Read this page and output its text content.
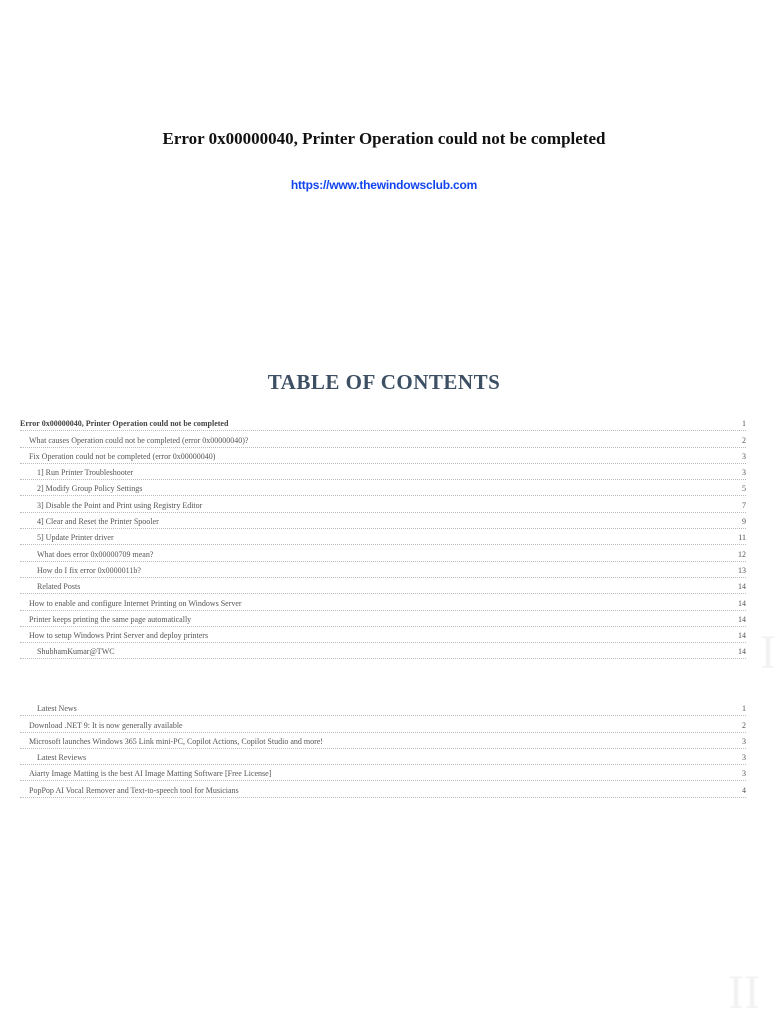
Error 0x00000040, Printer Operation could not be completed
https://www.thewindowsclub.com
TABLE OF CONTENTS
Error 0x00000040, Printer Operation could not be completed	1
What causes Operation could not be completed (error 0x00000040)?	2
Fix Operation could not be completed (error 0x00000040)	3
1] Run Printer Troubleshooter	3
2] Modify Group Policy Settings	5
3] Disable the Point and Print using Registry Editor	7
4] Clear and Reset the Printer Spooler	9
5] Update Printer driver	11
What does error 0x00000709 mean?	12
How do I fix error 0x0000011b?	13
Related Posts	14
How to enable and configure Internet Printing on Windows Server	14
Printer keeps printing the same page automatically	14
How to setup Windows Print Server and deploy printers	14
ShubhamKumar@TWC	14
Latest News	1
Download .NET 9: It is now generally available	2
Microsoft launches Windows 365 Link mini-PC, Copilot Actions, Copilot Studio and more!	3
Latest Reviews	3
Aiarty Image Matting is the best AI Image Matting Software [Free License]	3
PopPop AI Vocal Remover and Text-to-speech tool for Musicians	4
I
II
